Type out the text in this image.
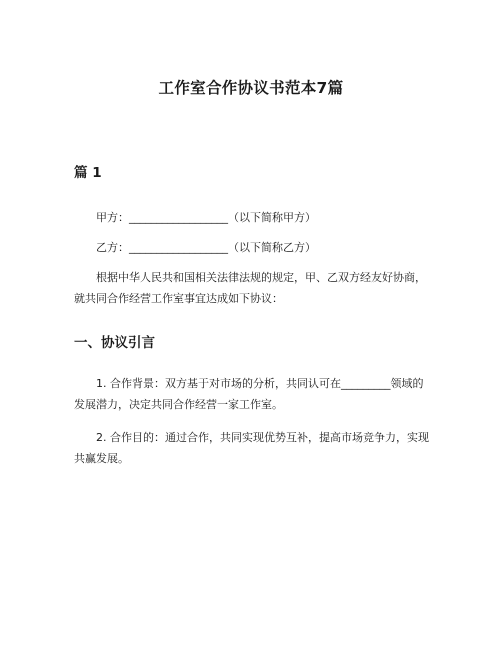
工作室合作协议书范本7篇
篇 1

甲方：__________________（以下简称甲方）

乙方：__________________（以下简称乙方）

根据中华人民共和国相关法律法规的规定，甲、乙双方经友好协商，就共同合作经营工作室事宜达成如下协议：

一、协议引言

1. 合作背景：双方基于对市场的分析，共同认可在_________领域的发展潜力，决定共同合作经营一家工作室。

2. 合作目的：通过合作，共同实现优势互补，提高市场竞争力，实现共赢发展。
